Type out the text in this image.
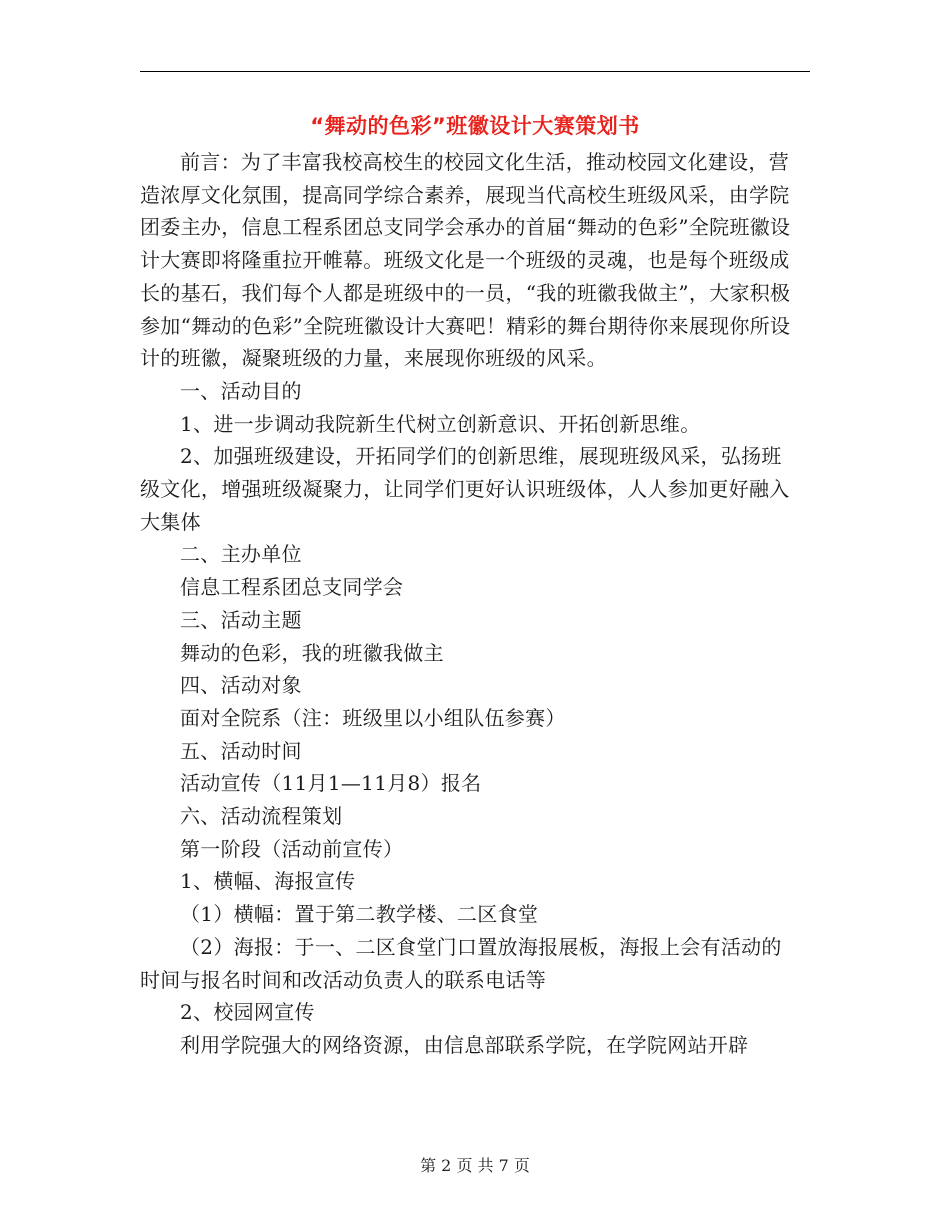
“舞动的色彩”班徽设计大赛策划书

前言：为了丰富我校高校生的校园文化生活，推动校园文化建设，营造浓厚文化氛围，提高同学综合素养，展现当代高校生班级风采，由学院团委主办，信息工程系团总支同学会承办的首届“舞动的色彩”全院班徽设计大赛即将隆重拉开帷幕。班级文化是一个班级的灵魂，也是每个班级成长的基石，我们每个人都是班级中的一员，“我的班徽我做主”，大家积极参加“舞动的色彩”全院班徽设计大赛吧！精彩的舞台期待你来展现你所设计的班徽，凝聚班级的力量，来展现你班级的风采。

一、活动目的

1、进一步调动我院新生代树立创新意识、开拓创新思维。

2、加强班级建设，开拓同学们的创新思维，展现班级风采，弘扬班级文化，增强班级凝聚力，让同学们更好认识班级体，人人参加更好融入大集体

二、主办单位

信息工程系团总支同学会

三、活动主题

舞动的色彩，我的班徽我做主

四、活动对象

面对全院系（注：班级里以小组队伍参赛）

五、活动时间

活动宣传（11月1—11月8）报名

六、活动流程策划

第一阶段（活动前宣传）

1、横幅、海报宣传

（1）横幅：置于第二教学楼、二区食堂

（2）海报：于一、二区食堂门口置放海报展板，海报上会有活动的时间与报名时间和改活动负责人的联系电话等

2、校园网宣传

利用学院强大的网络资源，由信息部联系学院，在学院网站开辟

第 2 页 共 7 页
